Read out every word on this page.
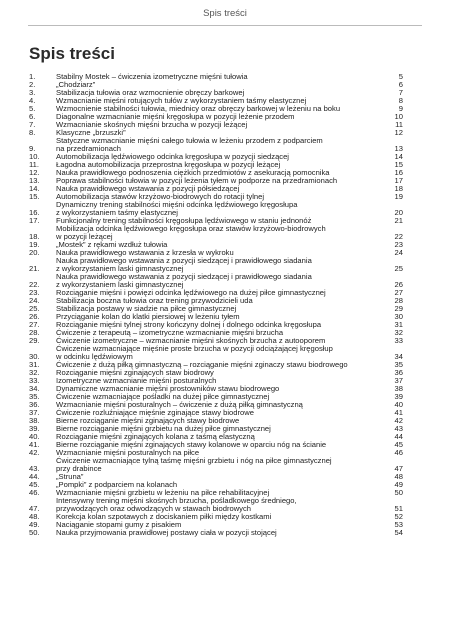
Spis treści
Spis treści
1.	Stabilny Mostek – ćwiczenia izometryczne mięśni tułowia	5
2.	„Chodziarz”	6
3.	Stabilizacja tułowia oraz wzmocnienie obręczy barkowej	7
4.	Wzmacnianie mięśni rotujących tułów z wykorzystaniem taśmy elastycznej	8
5.	Wzmocnienie stabilności tułowia, miednicy oraz obręczy barkowej w leżeniu na boku	9
6.	Diagonalne wzmacnianie mięśni kręgosłupa w pozycji leżenie przodem	10
7.	Wzmacnianie skośnych mięśni brzucha w pozycji leżącej	11
8.	Klasyczne „brzuszki”	12
9.
Statyczne wzmacnianie mięśni całego tułowia w leżeniu przodem z podparciem
na przedramionach	13
10.	Automobilizacja lędźwiowego odcinka kręgosłupa w pozycji siedzącej	14
11.	Łagodna automobilizacja przeprostna kręgosłupa w pozycji leżącej	15
12.	Nauka prawidłowego podnoszenia ciężkich przedmiotów z asekuracją pomocnika	16
13.	Poprawa stabilności tułowia w pozycji leżenia tyłem w podporze na przedramionach	17
14.	Nauka prawidłowego wstawania z pozycji półsiedzącej	18
15.	Automobilizacja stawów krzyżowo-biodrowych do rotacji tylnej	19
16.
Dynamiczny trening stabilności mięśni odcinka lędźwiowego kręgosłupa
z wykorzystaniem taśmy elastycznej	20
17.	Funkcjonalny trening stabilności kręgosłupa lędźwiowego w staniu jednonóż	21
18.
Mobilizacja odcinka lędźwiowego kręgosłupa oraz stawów krzyżowo-biodrowych
w pozycji leżącej	22
19.	„Mostek” z rękami wzdłuż tułowia	23
20.	Nauka prawidłowego wstawania z krzesła w wykroku	24
21.
Nauka prawidłowego wstawania z pozycji siedzącej i prawidłowego siadania
z wykorzystaniem laski gimnastycznej	25
22.
Nauka prawidłowego wstawania z pozycji siedzącej i prawidłowego siadania
z wykorzystaniem laski gimnastycznej	26
23.	Rozciąganie mięśni i powięzi odcinka lędźwiowego na dużej piłce gimnastycznej	27
24.	Stabilizacja boczna tułowia oraz trening przywodzicieli uda	28
25.	Stabilizacja postawy w siadzie na piłce gimnastycznej	29
26.	Przyciąganie kolan do klatki piersiowej w leżeniu tyłem	30
27.	Rozciąganie mięśni tylnej strony kończyny dolnej i dolnego odcinka kręgosłupa	31
28.	Ćwiczenie z terapeutą – izometryczne wzmacnianie mięśni brzucha	32
29.	Ćwiczenie izometryczne – wzmacnianie mięśni skośnych brzucha z autooporem	33
30.
Ćwiczenie wzmacniające mięśnie proste brzucha w pozycji odciążającej kręgosłup
w odcinku lędźwiowym	34
31.	Ćwiczenie z dużą piłką gimnastyczną – rozciąganie mięśni zginaczy stawu biodrowego	35
32.	Rozciąganie mięśni zginających staw biodrowy	36
33.	Izometryczne wzmacnianie mięśni posturalnych	37
34.	Dynamiczne wzmacnianie mięśni prostowników stawu biodrowego	38
35.	Ćwiczenie wzmacniające pośladki na dużej piłce gimnastycznej	39
36.	Wzmacnianie mięśni posturalnych – ćwiczenie z dużą piłką gimnastyczną	40
37.	Ćwiczenie rozluźniające mięśnie zginające stawy biodrowe	41
38.	Bierne rozciąganie mięśni zginających stawy biodrowe	42
39.	Bierne rozciąganie mięśni grzbietu na dużej piłce gimnastycznej	43
40.	Rozciąganie mięśni zginających kolana z taśmą elastyczną	44
41.	Bierne rozciąganie mięśni zginających stawy kolanowe w oparciu nóg na ścianie	45
42.	Wzmacnianie mięśni posturalnych na piłce	46
43.
Ćwiczenie wzmacniające tylną taśmę mięśni grzbietu i nóg na piłce gimnastycznej
przy drabince	47
44.	„Struna”	48
45.	„Pompki” z podparciem na kolanach	49
46.	Wzmacnianie mięśni grzbietu w leżeniu na piłce rehabilitacyjnej	50
47.
Intensywny trening mięśni skośnych brzucha, pośladkowego średniego,
przywodzących oraz odwodzących w stawach biodrowych	51
48.	Korekcja kolan szpotawych z dociskaniem piłki między kostkami	52
49.	Naciąganie stopami gumy z pisakiem	53
50.	Nauka przyjmowania prawidłowej postawy ciała w pozycji stojącej	54
